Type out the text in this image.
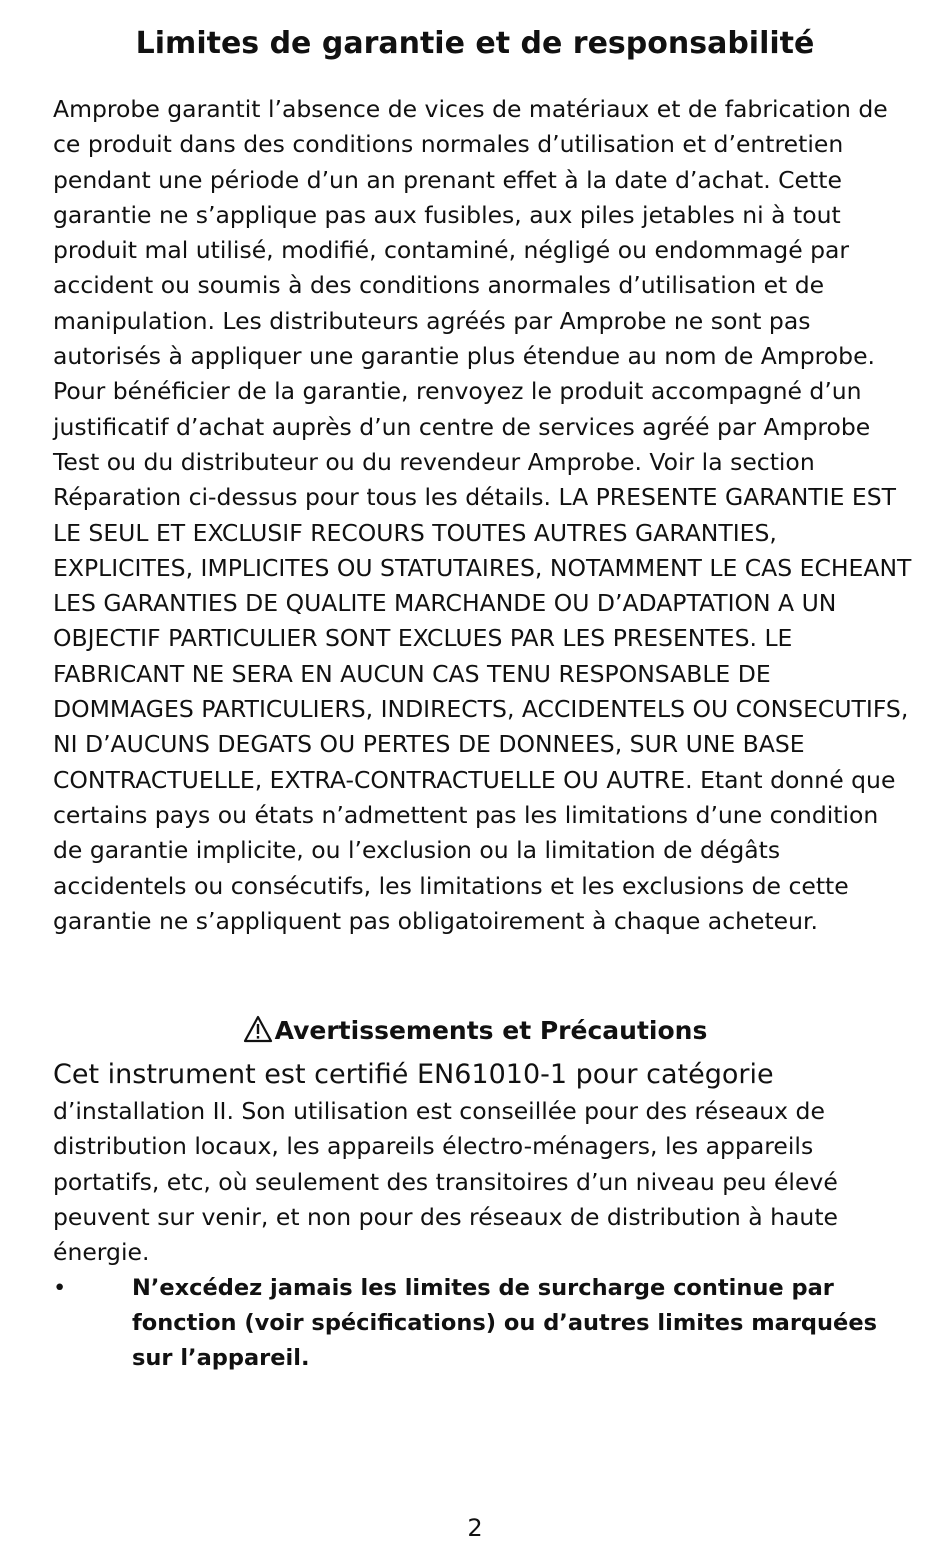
Limites de garantie et de responsabilité

Amprobe garantit l’absence de vices de matériaux et de fabrication de ce produit dans des conditions normales d’utilisation et d’entretien pendant une période d’un an prenant effet à la date d’achat. Cette garantie ne s’applique pas aux fusibles, aux piles jetables ni à tout produit mal utilisé, modifié, contaminé, négligé ou endommagé par accident ou soumis à des conditions anormales d’utilisation et de manipulation. Les distributeurs agréés par Amprobe ne sont pas autorisés à appliquer une garantie plus étendue au nom de Amprobe. Pour bénéficier de la garantie, renvoyez le produit accompagné d’un justificatif d’achat auprès d’un centre de services agréé par Amprobe Test ou du distributeur ou du revendeur Amprobe. Voir la section Réparation ci-dessus pour tous les détails. LA PRESENTE GARANTIE EST LE SEUL ET EXCLUSIF RECOURS TOUTES AUTRES GARANTIES, EXPLICITES, IMPLICITES OU STATUTAIRES, NOTAMMENT LE CAS ECHEANT LES GARANTIES DE QUALITE MARCHANDE OU D’ADAPTATION A UN OBJECTIF PARTICULIER SONT EXCLUES PAR LES PRESENTES. LE FABRICANT NE SERA EN AUCUN CAS TENU RESPONSABLE DE DOMMAGES PARTICULIERS, INDIRECTS, ACCIDENTELS OU CONSECUTIFS, NI D’AUCUNS DEGATS OU PERTES DE DONNEES, SUR UNE BASE CONTRACTUELLE, EXTRA-CONTRACTUELLE OU AUTRE. Etant donné que certains pays ou états n’admettent pas les limitations d’une condition de garantie implicite, ou l’exclusion ou la limitation de dégâts accidentels ou consécutifs, les limitations et les exclusions de cette garantie ne s’appliquent pas obligatoirement à chaque acheteur.

Avertissements et Précautions

Cet instrument est certifié EN61010-1 pour catégorie

d’installation II. Son utilisation est conseillée pour des réseaux de distribution locaux, les appareils électro-ménagers, les appareils portatifs, etc, où seulement des transitoires d’un niveau peu élevé peuvent sur venir, et non pour des réseaux de distribution à haute énergie.

•	N’excédez jamais les limites de surcharge continue par fonction (voir spécifications) ou d’autres limites marquées sur l’appareil.
2
